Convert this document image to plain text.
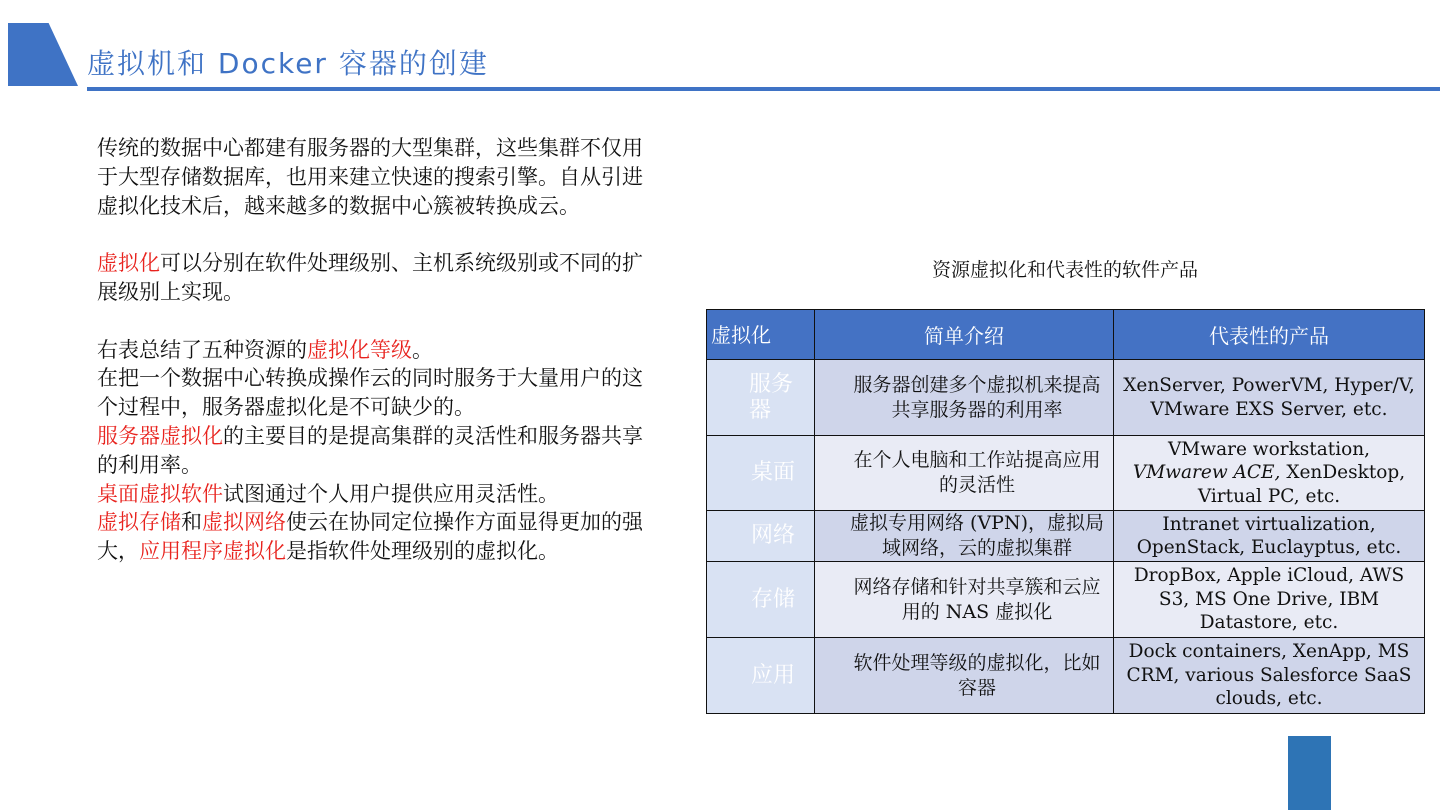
虚拟机和 Docker 容器的创建

传统的数据中心都建有服务器的大型集群，这些集群不仅用于大型存储数据库，也用来建立快速的搜索引擎。自从引进虚拟化技术后，越来越多的数据中心簇被转换成云。

虚拟化可以分别在软件处理级别、主机系统级别或不同的扩展级别上实现。

右表总结了五种资源的虚拟化等级。

在把一个数据中心转换成操作云的同时服务于大量用户的这个过程中，服务器虚拟化是不可缺少的。

服务器虚拟化的主要目的是提高集群的灵活性和服务器共享的利用率。

桌面虚拟软件试图通过个人用户提供应用灵活性。

虚拟存储和虚拟网络使云在协同定位操作方面显得更加的强大，应用程序虚拟化是指软件处理级别的虚拟化。

资源虚拟化和代表性的软件产品
虚拟化	简单介绍	代表性的产品
服务器	服务器创建多个虚拟机来提高共享服务器的利用率	XenServer, PowerVM, Hyper/V,
VMware EXS Server, etc.
桌面	在个人电脑和工作站提高应用的灵活性	VMware workstation,
VMwarew ACE, XenDesktop, Virtual PC, etc.
网络	虚拟专用网络 (VPN)，虚拟局域网络，云的虚拟集群	Intranet virtualization, OpenStack, Euclayptus, etc.
存储	网络存储和针对共享簇和云应用的 NAS 虚拟化	DropBox, Apple iCloud, AWS S3, MS One Drive, IBM Datastore, etc.
应用	软件处理等级的虚拟化，比如容器	Dock containers, XenApp, MS CRM, various Salesforce SaaS clouds, etc.
